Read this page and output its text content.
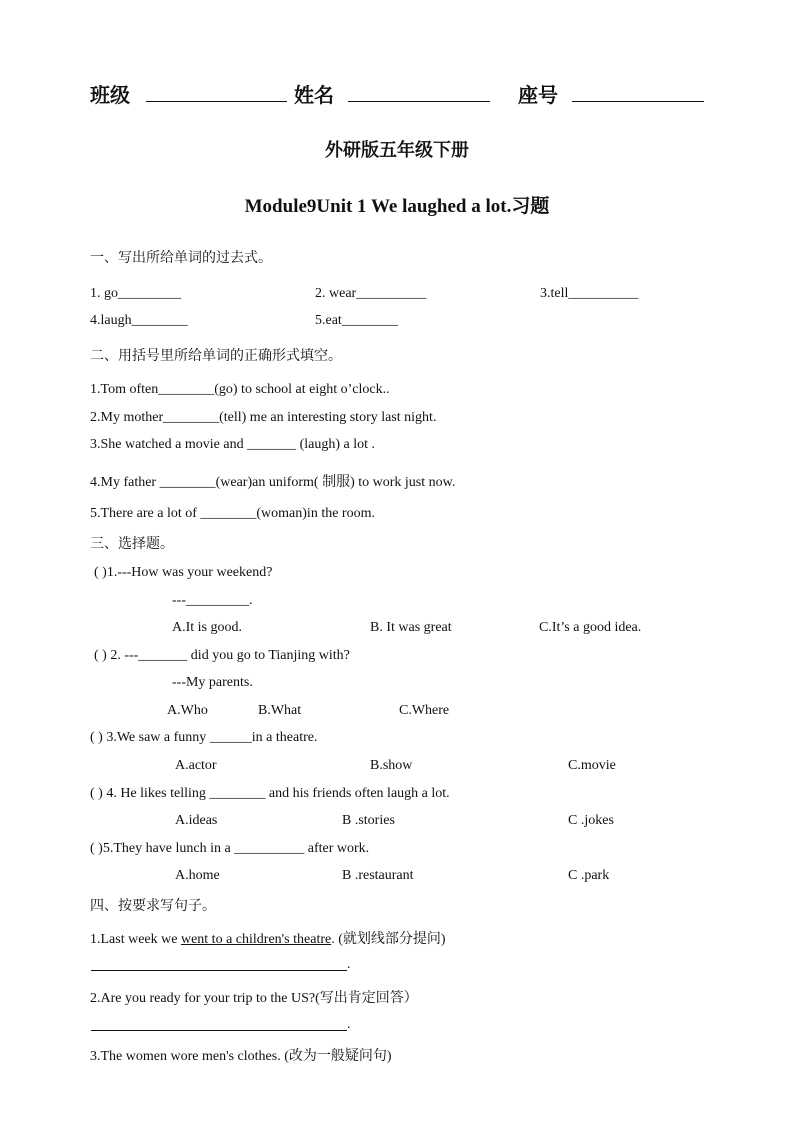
班级	姓名	座号
外研版五年级下册
Module9Unit 1 We laughed a lot.习题
一、写出所给单词的过去式。
1. go_________	2. wear__________	3.tell__________
4.laugh________	5.eat________
二、用括号里所给单词的正确形式填空。
1.Tom often________(go) to school at eight o’clock..
2.My mother________(tell) me an interesting story last night.
3.She watched a movie and _______ (laugh) a lot .
4.My father ________(wear)an uniform( 制服) to work just now.
5.There are a lot of ________(woman)in the room.
三、选择题。
( )1.---How was your weekend?
---_________.
A.It is good.	B. It was great	C.It’s a good idea.
( ) 2. ---_______ did you go to Tianjing with?
---My parents.
A.Who	B.What	C.Where
( ) 3.We saw a funny ______in a theatre.
A.actor	B.show	C.movie
( ) 4. He likes telling ________ and his friends often laugh a lot.
A.ideas	B .stories	C .jokes
( )5.They have lunch in a __________ after work.
A.home	B .restaurant	C .park
四、按要求写句子。
1.Last week we went to a children's theatre. (就划线部分提问)
.
2.Are you ready for your trip to the US?(写出肯定回答）
.
3.The women wore men's clothes. (改为一般疑问句)
